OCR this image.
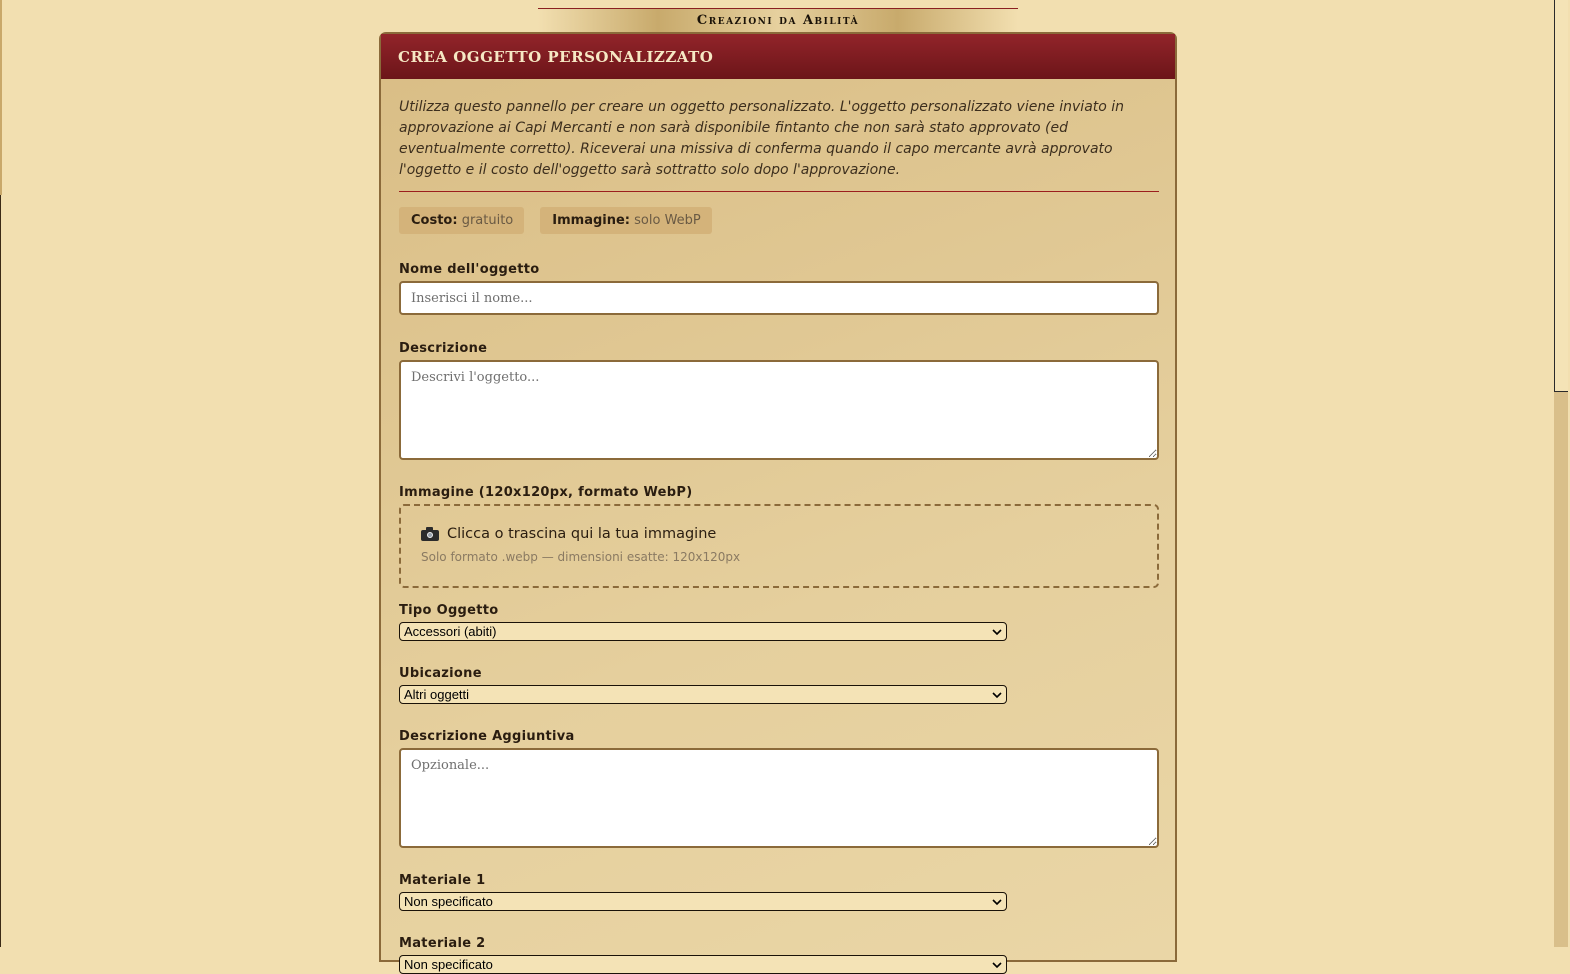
Creazioni da Abilità
CREA OGGETTO PERSONALIZZATO

Utilizza questo pannello per creare un oggetto personalizzato. L'oggetto personalizzato viene inviato in approvazione ai Capi Mercanti e non sarà disponibile fintanto che non sarà stato approvato (ed eventualmente corretto). Riceverai una missiva di conferma quando il capo mercante avrà approvato l'oggetto e il costo dell'oggetto sarà sottratto solo dopo l'approvazione.

Costo: gratuito	Immagine: solo WebP
Nome dell'oggetto
Inserisci il nome...
Descrizione
Descrivi l'oggetto...
Immagine (120x120px, formato WebP)
Clicca o trascina qui la tua immagine
Solo formato .webp — dimensioni esatte: 120x120px
Tipo Oggetto
Accessori (abiti)
Ubicazione
Altri oggetti
Descrizione Aggiuntiva
Opzionale...
Materiale 1
Non specificato
Materiale 2
Non specificato
